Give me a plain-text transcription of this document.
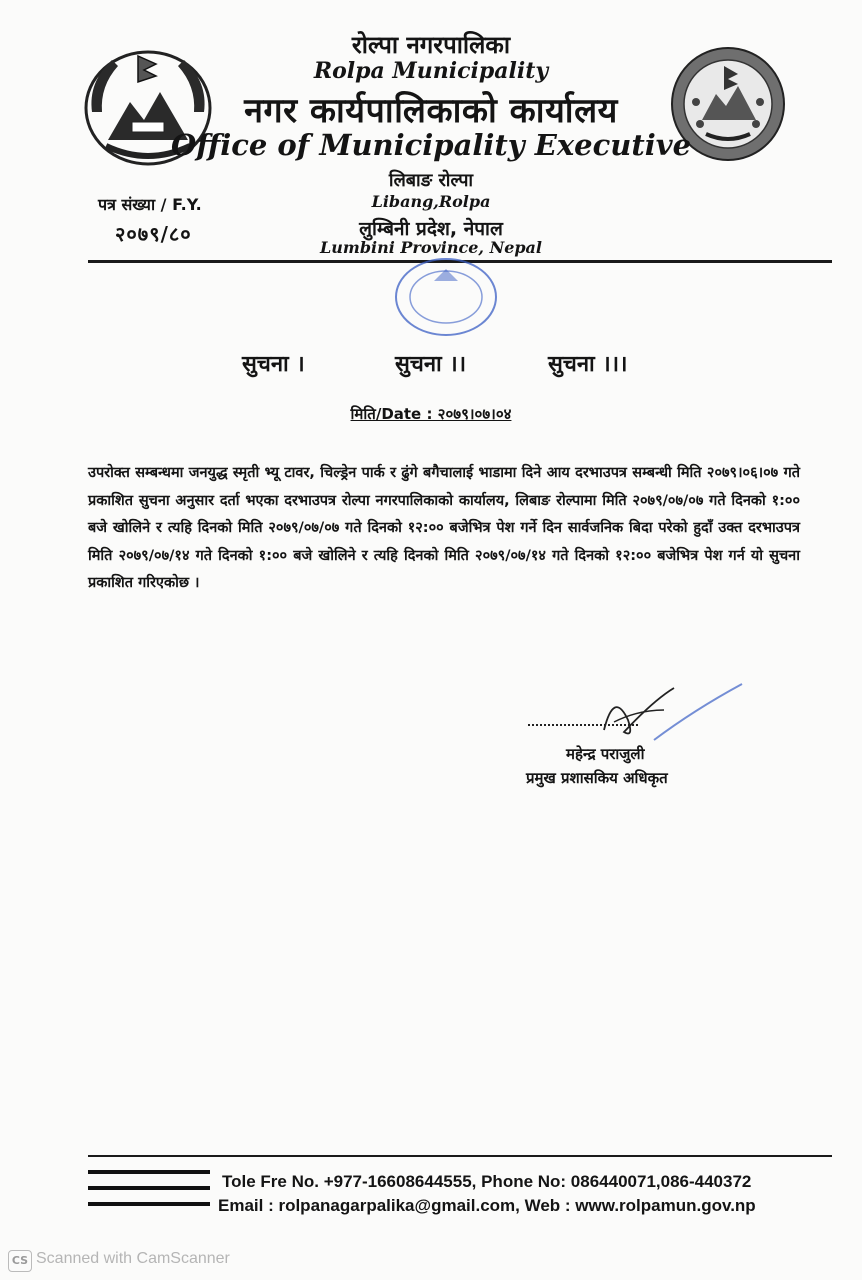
रोल्पा नगरपालिका
Rolpa Municipality
नगर कार्यपालिकाको कार्यालय
Office of Municipality Executive
लिबाङ रोल्पा
Libang,Rolpa
लुम्बिनी प्रदेश, नेपाल
Lumbini Province, Nepal
पत्र संख्या / F.Y.
२०७९/८०
सुचना ।	सुचना ।।	सुचना ।।।
मिति/Date : २०७९।०७।०४
उपरोक्त सम्बन्धमा जनयुद्ध स्मृती भ्यू टावर, चिल्ड्रेन पार्क र ढुंगे बगैचालाई भाडामा दिने आय दरभाउपत्र सम्बन्धी मिति २०७९।०६।०७ गते प्रकाशित सुचना अनुसार दर्ता भएका दरभाउपत्र रोल्पा नगरपालिकाको कार्यालय, लिबाङ रोल्पामा मिति २०७९/०७/०७ गते दिनको १:०० बजे खोलिने र त्यहि दिनको मिति २०७९/०७/०७ गते दिनको १२:०० बजेभित्र पेश गर्ने दिन सार्वजनिक बिदा परेको हुदाँ उक्त दरभाउपत्र मिति २०७९/०७/१४ गते दिनको १:०० बजे खोलिने र त्यहि दिनको मिति २०७९/०७/१४ गते दिनको १२:०० बजेभित्र पेश गर्न यो सुचना प्रकाशित गरिएकोछ ।
महेन्द्र पराजुली
प्रमुख प्रशासकिय अधिकृत
Tole Fre No. +977-16608644555, Phone No: 086440071,086-440372
Email : rolpanagarpalika@gmail.com, Web : www.rolpamun.gov.np
CS Scanned with CamScanner
